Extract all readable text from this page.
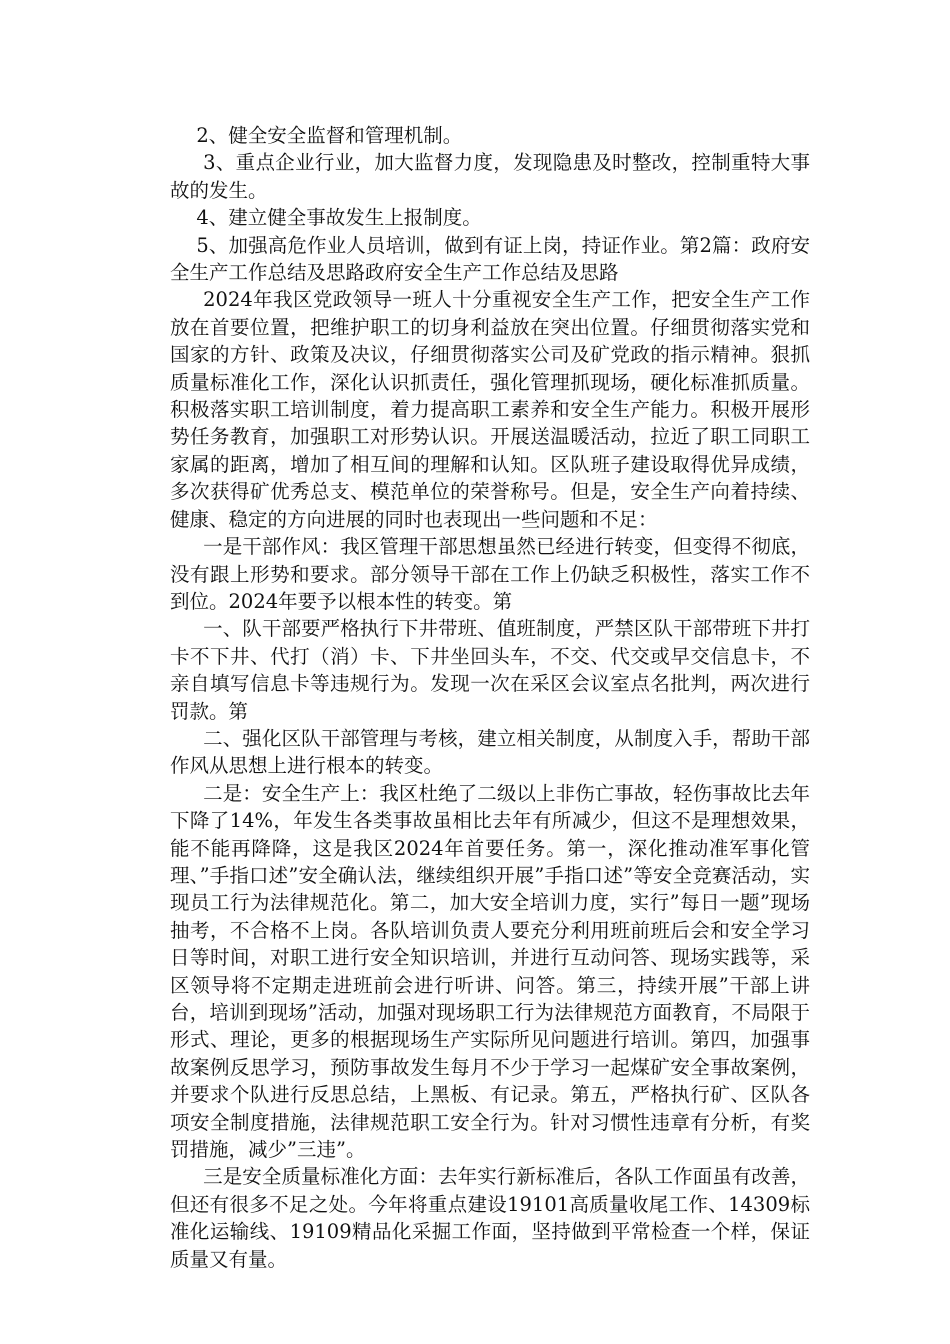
2、健全安全监督和管理机制。

3、重点企业行业，加大监督力度，发现隐患及时整改，控制重特大事故的发生。

4、建立健全事故发生上报制度。

5、加强高危作业人员培训，做到有证上岗，持证作业。第2篇：政府安全生产工作总结及思路政府安全生产工作总结及思路

2024年我区党政领导一班人十分重视安全生产工作，把安全生产工作放在首要位置，把维护职工的切身利益放在突出位置。仔细贯彻落实党和国家的方针、政策及决议，仔细贯彻落实公司及矿党政的指示精神。狠抓质量标准化工作，深化认识抓责任，强化管理抓现场，硬化标准抓质量。积极落实职工培训制度，着力提高职工素养和安全生产能力。积极开展形势任务教育，加强职工对形势认识。开展送温暖活动，拉近了职工同职工家属的距离，增加了相互间的理解和认知。区队班子建设取得优异成绩，多次获得矿优秀总支、模范单位的荣誉称号。但是，安全生产向着持续、健康、稳定的方向进展的同时也表现出一些问题和不足：

一是干部作风：我区管理干部思想虽然已经进行转变，但变得不彻底，没有跟上形势和要求。部分领导干部在工作上仍缺乏积极性，落实工作不到位。2024年要予以根本性的转变。第

一、队干部要严格执行下井带班、值班制度，严禁区队干部带班下井打卡不下井、代打（消）卡、下井坐回头车，不交、代交或早交信息卡，不亲自填写信息卡等违规行为。发现一次在采区会议室点名批判，两次进行罚款。第

二、强化区队干部管理与考核，建立相关制度，从制度入手，帮助干部作风从思想上进行根本的转变。

二是：安全生产上：我区杜绝了二级以上非伤亡事故，轻伤事故比去年下降了14%，年发生各类事故虽相比去年有所减少，但这不是理想效果，能不能再降降，这是我区2024年首要任务。第一，深化推动准军事化管理、”手指口述”安全确认法，继续组织开展”手指口述”等安全竞赛活动，实现员工行为法律规范化。第二，加大安全培训力度，实行”每日一题”现场抽考，不合格不上岗。各队培训负责人要充分利用班前班后会和安全学习日等时间，对职工进行安全知识培训，并进行互动问答、现场实践等，采区领导将不定期走进班前会进行听讲、问答。第三，持续开展”干部上讲台，培训到现场”活动，加强对现场职工行为法律规范方面教育，不局限于形式、理论，更多的根据现场生产实际所见问题进行培训。第四，加强事故案例反思学习，预防事故发生每月不少于学习一起煤矿安全事故案例，并要求个队进行反思总结，上黑板、有记录。第五，严格执行矿、区队各项安全制度措施，法律规范职工安全行为。针对习惯性违章有分析，有奖罚措施，减少”三违”。

三是安全质量标准化方面：去年实行新标准后，各队工作面虽有改善，但还有很多不足之处。今年将重点建设19101高质量收尾工作、14309标准化运输线、19109精品化采掘工作面，坚持做到平常检查一个样，保证质量又有量。
